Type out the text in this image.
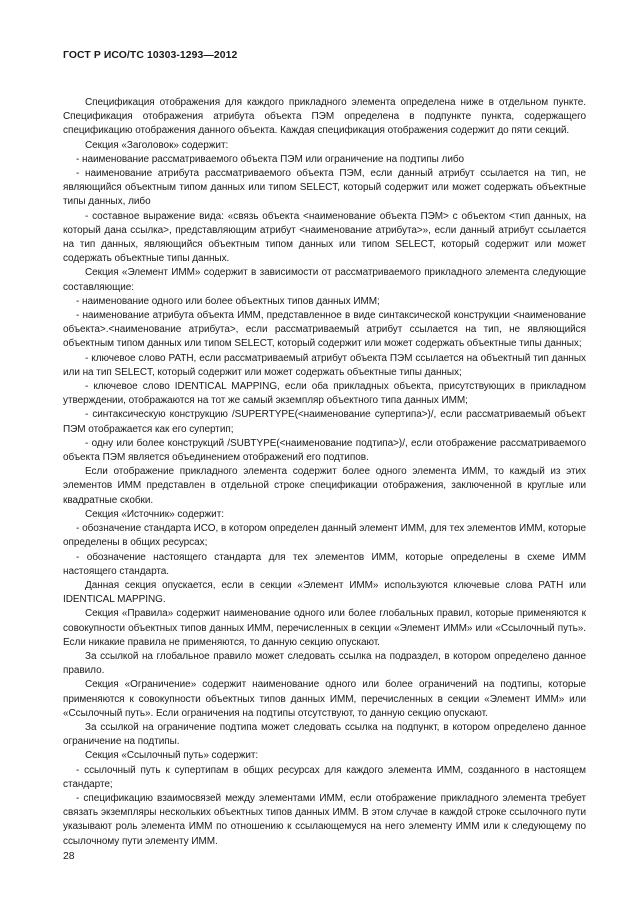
ГОСТ Р ИСО/ТС 10303-1293—2012

Спецификация отображения для каждого прикладного элемента определена ниже в отдельном пункте. Спецификация отображения атрибута объекта ПЭМ определена в подпункте пункта, содержащего спецификацию отображения данного объекта. Каждая спецификация отображения содержит до пяти секций.

Секция «Заголовок» содержит:

- наименование рассматриваемого объекта ПЭМ или ограничение на подтипы либо

- наименование атрибута рассматриваемого объекта ПЭМ, если данный атрибут ссылается на тип, не являющийся объектным типом данных или типом SELECT, который содержит или может содержать объектные типы данных, либо

- составное выражение вида: «связь объекта <наименование объекта ПЭМ> с объектом <тип данных, на который дана ссылка>, представляющим атрибут <наименование атрибута>», если данный атрибут ссылается на тип данных, являющийся объектным типом данных или типом SELECT, который содержит или может содержать объектные типы данных.

Секция «Элемент ИММ» содержит в зависимости от рассматриваемого прикладного элемента следующие составляющие:

- наименование одного или более объектных типов данных ИММ;

- наименование атрибута объекта ИММ, представленное в виде синтаксической конструкции <наименование объекта>.<наименование атрибута>, если рассматриваемый атрибут ссылается на тип, не являющийся объектным типом данных или типом SELECT, который содержит или может содержать объектные типы данных;

- ключевое слово PATH, если рассматриваемый атрибут объекта ПЭМ ссылается на объектный тип данных или на тип SELECT, который содержит или может содержать объектные типы данных;

- ключевое слово IDENTICAL MAPPING, если оба прикладных объекта, присутствующих в прикладном утверждении, отображаются на тот же самый экземпляр объектного типа данных ИММ;

- синтаксическую конструкцию /SUPERTYPE(<наименование супертипа>)/, если рассматриваемый объект ПЭМ отображается как его супертип;

- одну или более конструкций /SUBTYPE(<наименование подтипа>)/, если отображение рассматриваемого объекта ПЭМ является объединением отображений его подтипов.

Если отображение прикладного элемента содержит более одного элемента ИММ, то каждый из этих элементов ИММ представлен в отдельной строке спецификации отображения, заключенной в круглые или квадратные скобки.

Секция «Источник» содержит:

- обозначение стандарта ИСО, в котором определен данный элемент ИММ, для тех элементов ИММ, которые определены в общих ресурсах;

- обозначение настоящего стандарта для тех элементов ИММ, которые определены в схеме ИММ настоящего стандарта.

Данная секция опускается, если в секции «Элемент ИММ» используются ключевые слова PATH или IDENTICAL MAPPING.

Секция «Правила» содержит наименование одного или более глобальных правил, которые применяются к совокупности объектных типов данных ИММ, перечисленных в секции «Элемент ИММ» или «Ссылочный путь». Если никакие правила не применяются, то данную секцию опускают.

За ссылкой на глобальное правило может следовать ссылка на подраздел, в котором определено данное правило.

Секция «Ограничение» содержит наименование одного или более ограничений на подтипы, которые применяются к совокупности объектных типов данных ИММ, перечисленных в секции «Элемент ИММ» или «Ссылочный путь». Если ограничения на подтипы отсутствуют, то данную секцию опускают.

За ссылкой на ограничение подтипа может следовать ссылка на подпункт, в котором определено данное ограничение на подтипы.

Секция «Ссылочный путь» содержит:

- ссылочный путь к супертипам в общих ресурсах для каждого элемента ИММ, созданного в настоящем стандарте;

- спецификацию взаимосвязей между элементами ИММ, если отображение прикладного элемента требует связать экземпляры нескольких объектных типов данных ИММ. В этом случае в каждой строке ссылочного пути указывают роль элемента ИММ по отношению к ссылающемуся на него элементу ИММ или к следующему по ссылочному пути элементу ИММ.

28
